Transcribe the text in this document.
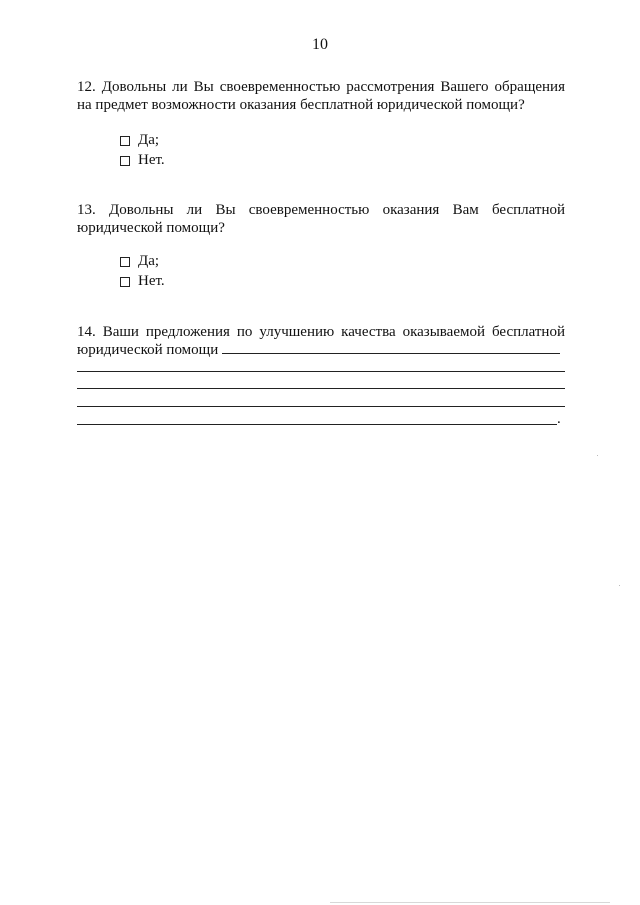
10
12. Довольны ли Вы своевременностью рассмотрения Вашего обращения
на предмет возможности оказания бесплатной юридической помощи?
Да;
Нет.
13. Довольны ли Вы своевременностью оказания Вам бесплатной
юридической помощи?
Да;
Нет.
14. Ваши предложения по улучшению качества оказываемой бесплатной
юридической помощи
.
